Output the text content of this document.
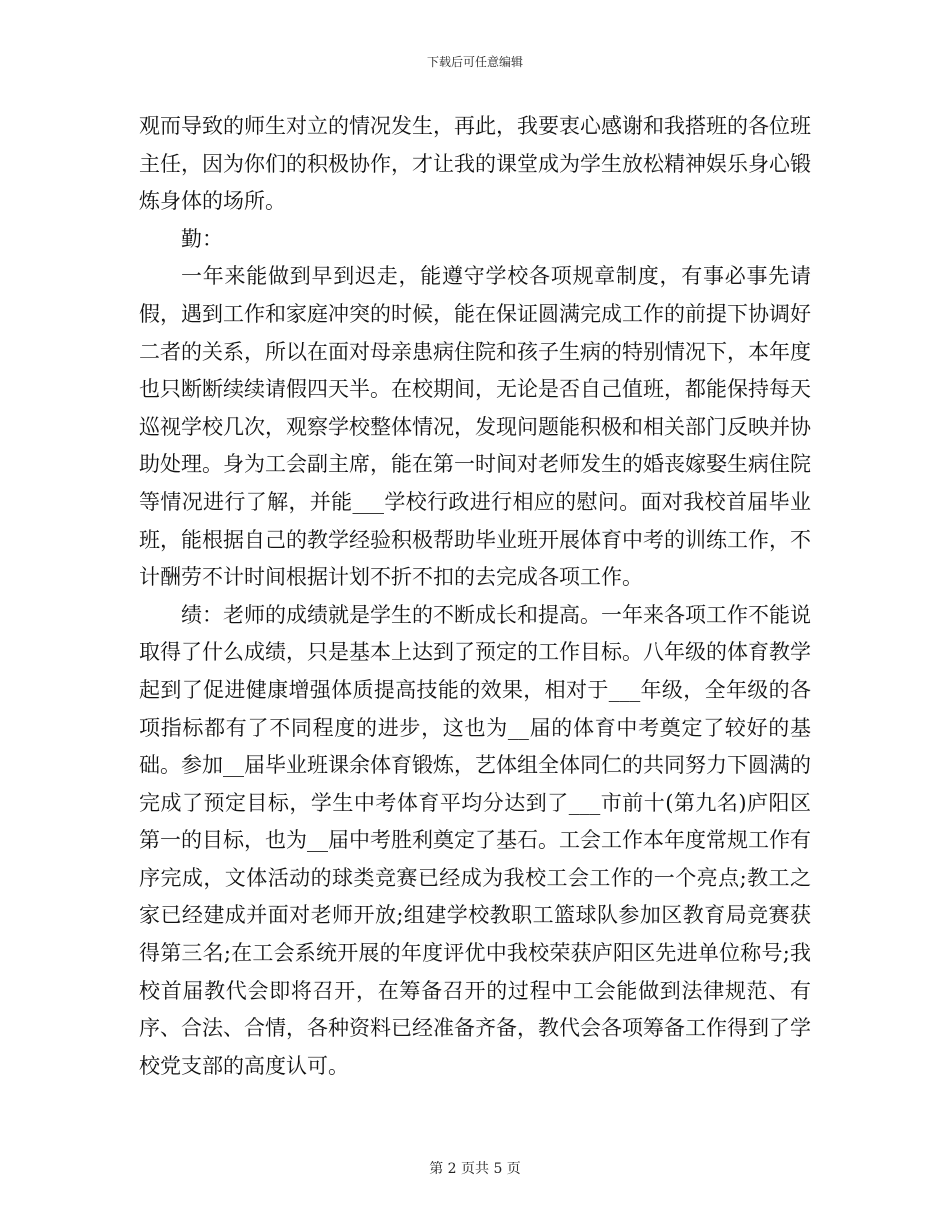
下载后可任意编辑

观而导致的师生对立的情况发生，再此，我要衷心感谢和我搭班的各位班主任，因为你们的积极协作，才让我的课堂成为学生放松精神娱乐身心锻炼身体的场所。

勤：

一年来能做到早到迟走，能遵守学校各项规章制度，有事必事先请假，遇到工作和家庭冲突的时候，能在保证圆满完成工作的前提下协调好二者的关系，所以在面对母亲患病住院和孩子生病的特别情况下，本年度也只断断续续请假四天半。在校期间，无论是否自己值班，都能保持每天巡视学校几次，观察学校整体情况，发现问题能积极和相关部门反映并协助处理。身为工会副主席，能在第一时间对老师发生的婚丧嫁娶生病住院等情况进行了解，并能___学校行政进行相应的慰问。面对我校首届毕业班，能根据自己的教学经验积极帮助毕业班开展体育中考的训练工作，不计酬劳不计时间根据计划不折不扣的去完成各项工作。

绩：老师的成绩就是学生的不断成长和提高。一年来各项工作不能说取得了什么成绩，只是基本上达到了预定的工作目标。八年级的体育教学起到了促进健康增强体质提高技能的效果，相对于___年级，全年级的各项指标都有了不同程度的进步，这也为__届的体育中考奠定了较好的基础。参加__届毕业班课余体育锻炼，艺体组全体同仁的共同努力下圆满的完成了预定目标，学生中考体育平均分达到了___市前十(第九名)庐阳区第一的目标，也为__届中考胜利奠定了基石。工会工作本年度常规工作有序完成，文体活动的球类竞赛已经成为我校工会工作的一个亮点;教工之家已经建成并面对老师开放;组建学校教职工篮球队参加区教育局竞赛获得第三名;在工会系统开展的年度评优中我校荣获庐阳区先进单位称号;我校首届教代会即将召开，在筹备召开的过程中工会能做到法律规范、有序、合法、合情，各种资料已经准备齐备，教代会各项筹备工作得到了学校党支部的高度认可。

第 2 页共 5 页
